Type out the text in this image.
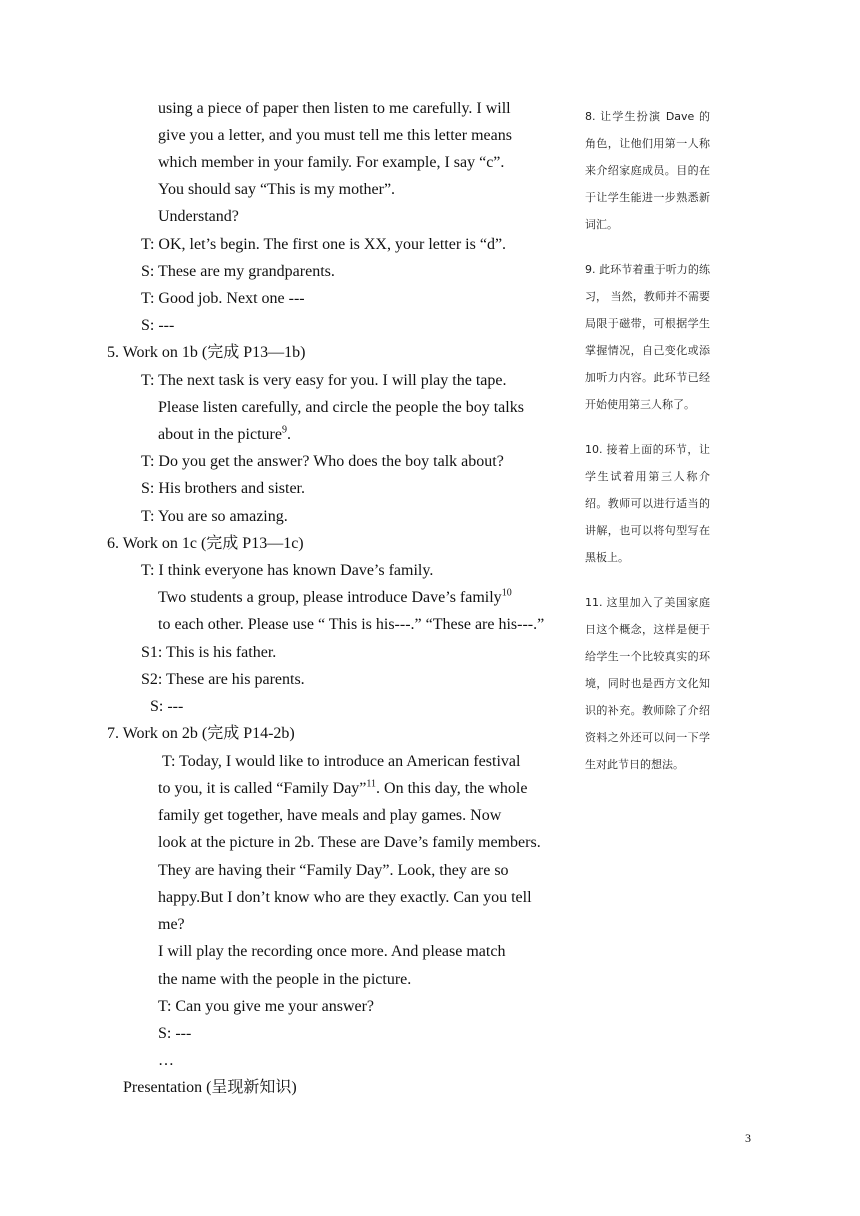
8. 让学生扮演 Dave 的角色，让他们用第一人称来介绍家庭成员。目的在于让学生能进一步熟悉新词汇。

9. 此环节着重于听力的练习， 当然，教师并不需要局限于磁带，可根据学生掌握情况，自己变化或添加听力内容。此环节已经开始使用第三人称了。

10. 接着上面的环节，让学生试着用第三人称介绍。教师可以进行适当的讲解，也可以将句型写在黑板上。

11. 这里加入了美国家庭日这个概念，这样是便于给学生一个比较真实的环境，同时也是西方文化知识的补充。教师除了介绍资料之外还可以问一下学生对此节日的想法。

3
using a piece of paper then listen to me carefully. I will
give you a letter, and you must tell me this letter means
which member in your family. For example, I say “c”.
You should say “This is my mother”.
Understand?
T: OK, let’s begin. The first one is XX, your letter is “d”.
S: These are my grandparents.
T: Good job. Next one ---
S: ---
5. Work on 1b (完成 P13—1b)
T: The next task is very easy for you. I will play the tape.
Please listen carefully, and circle the people the boy talks
about in the picture$^9$.
T: Do you get the answer? Who does the boy talk about?
S: His brothers and sister.
T: You are so amazing.
6. Work on 1c (完成 P13—1c)
T: I think everyone has known Dave’s family.
Two students a group, please introduce Dave’s family$^{10}$
to each other. Please use “ This is his---.” “These are his---.”
S1: This is his father.
S2: These are his parents.
S: ---
7. Work on 2b (完成 P14-2b)
T: Today, I would like to introduce an American festival
to you, it is called “Family Day”$^{11}$. On this day, the whole
family get together, have meals and play games. Now
look at the picture in 2b. These are Dave’s family members.
They are having their “Family Day”. Look, they are so
happy.But I don’t know who are they exactly. Can you tell
me?
I will play the recording once more. And please match
the name with the people in the picture.
T: Can you give me your answer?
S: ---
…
Presentation (呈现新知识)
